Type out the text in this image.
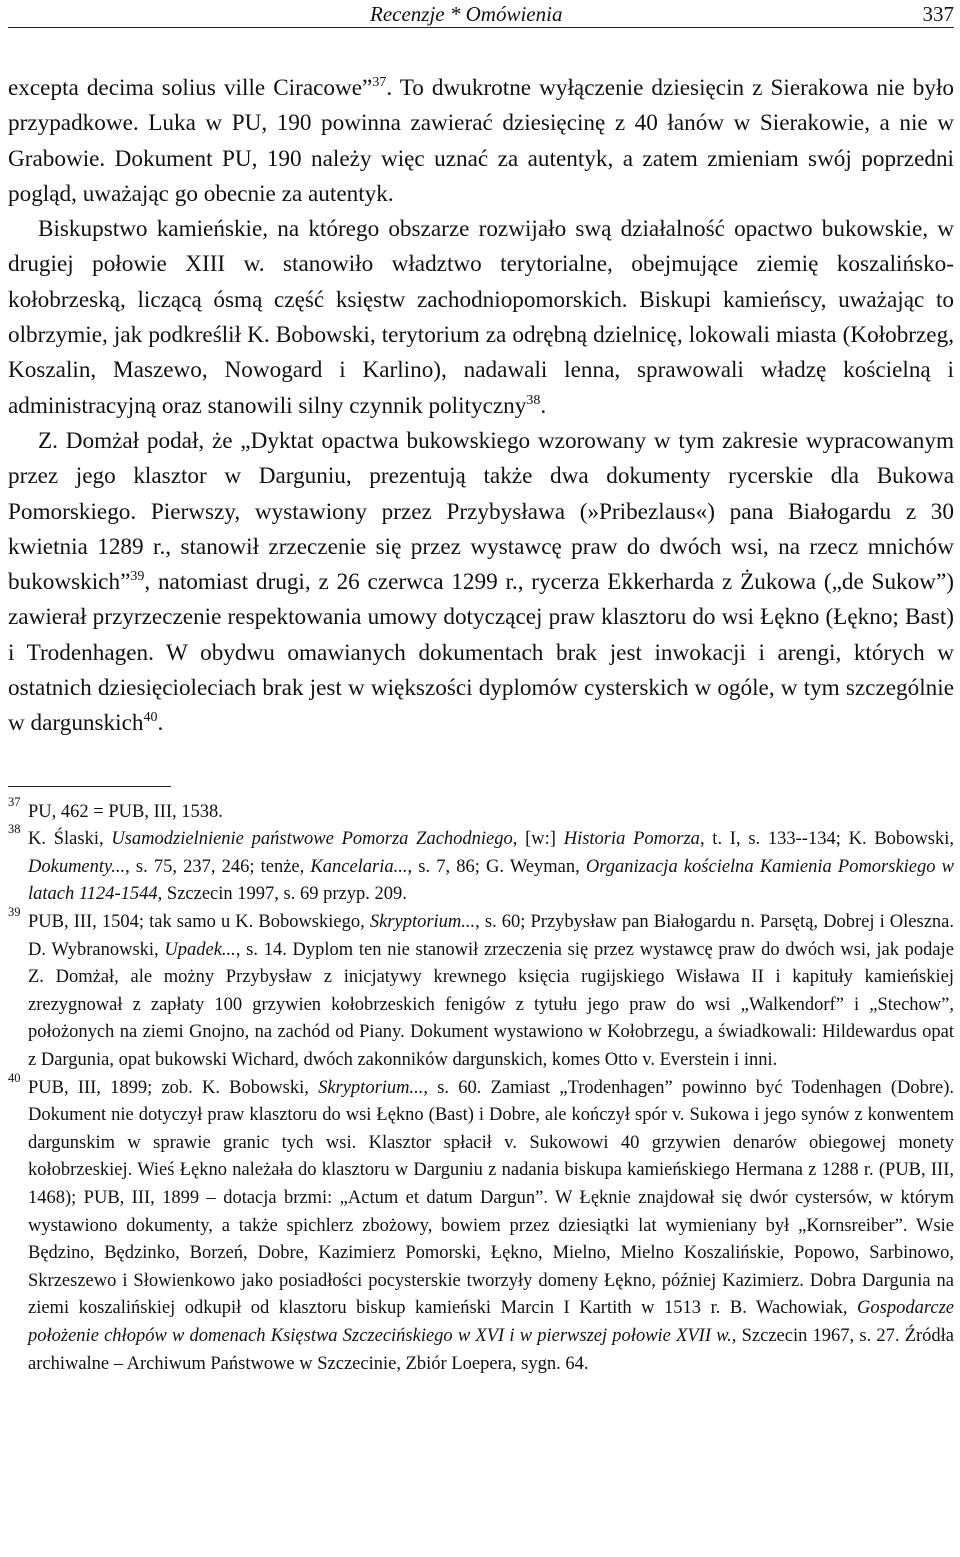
Recenzje * Omówienia	337

excepta decima solius ville Ciracowe”$^{37}$. To dwukrotne wyłączenie dziesięcin z Sierakowa nie było przypadkowe. Luka w PU, 190 powinna zawierać dziesięcinę z 40 łanów w Sierakowie, a nie w Grabowie. Dokument PU, 190 należy więc uznać za autentyk, a zatem zmieniam swój poprzedni pogląd, uważając go obecnie za autentyk.

Biskupstwo kamieńskie, na którego obszarze rozwijało swą działalność opactwo bukowskie, w drugiej połowie XIII w. stanowiło władztwo terytorialne, obejmujące ziemię koszalińsko-kołobrzeską, liczącą ósmą część księstw zachodniopomorskich. Biskupi kamieńscy, uważając to olbrzymie, jak podkreślił K. Bobowski, terytorium za odrębną dzielnicę, lokowali miasta (Kołobrzeg, Koszalin, Maszewo, Nowogard i Karlino), nadawali lenna, sprawowali władzę kościelną i administracyjną oraz stanowili silny czynnik polityczny$^{38}$.

Z. Domżał podał, że „Dyktat opactwa bukowskiego wzorowany w tym zakresie wypracowanym przez jego klasztor w Darguniu, prezentują także dwa dokumenty rycerskie dla Bukowa Pomorskiego. Pierwszy, wystawiony przez Przybysława (»Pribezlaus«) pana Białogardu z 30 kwietnia 1289 r., stanowił zrzeczenie się przez wystawcę praw do dwóch wsi, na rzecz mnichów bukowskich”$^{39}$, natomiast drugi, z 26 czerwca 1299 r., rycerza Ekkerharda z Żukowa („de Sukow”) zawierał przyrzeczenie respektowania umowy dotyczącej praw klasztoru do wsi Łękno (Łękno; Bast) i Trodenhagen. W obydwu omawianych dokumentach brak jest inwokacji i arengi, których w ostatnich dziesięcioleciach brak jest w większości dyplomów cysterskich w ogóle, w tym szczególnie w dargunskich$^{40}$.

37 PU, 462 = PUB, III, 1538.
38 K. Ślaski, Usamodzielnienie państwowe Pomorza Zachodniego, [w:] Historia Pomorza, t. I, s. 133--134; K. Bobowski, Dokumenty..., s. 75, 237, 246; tenże, Kancelaria..., s. 7, 86; G. Weyman, Organizacja kościelna Kamienia Pomorskiego w latach 1124-1544, Szczecin 1997, s. 69 przyp. 209.
39 PUB, III, 1504; tak samo u K. Bobowskiego, Skryptorium..., s. 60; Przybysław pan Białogardu n. Parsętą, Dobrej i Oleszna. D. Wybranowski, Upadek..., s. 14. Dyplom ten nie stanowił zrzeczenia się przez wystawcę praw do dwóch wsi, jak podaje Z. Domżał, ale możny Przybysław z inicjatywy krewnego księcia rugijskiego Wisława II i kapituły kamieńskiej zrezygnował z zapłaty 100 grzywien kołobrzeskich fenigów z tytułu jego praw do wsi „Walkendorf” i „Stechow”, położonych na ziemi Gnojno, na zachód od Piany. Dokument wystawiono w Kołobrzegu, a świadkowali: Hildewardus opat z Dargunia, opat bukowski Wichard, dwóch zakonników dargunskich, komes Otto v. Everstein i inni.
40 PUB, III, 1899; zob. K. Bobowski, Skryptorium..., s. 60. Zamiast „Trodenhagen” powinno być Todenhagen (Dobre). Dokument nie dotyczył praw klasztoru do wsi Łękno (Bast) i Dobre, ale kończył spór v. Sukowa i jego synów z konwentem dargunskim w sprawie granic tych wsi. Klasztor spłacił v. Sukowowi 40 grzywien denarów obiegowej monety kołobrzeskiej. Wieś Łękno należała do klasztoru w Darguniu z nadania biskupa kamieńskiego Hermana z 1288 r. (PUB, III, 1468); PUB, III, 1899 – dotacja brzmi: „Actum et datum Dargun”. W Łęknie znajdował się dwór cystersów, w którym wystawiono dokumenty, a także spichlerz zbożowy, bowiem przez dziesiątki lat wymieniany był „Kornsreiber”. Wsie Będzino, Będzinko, Borzeń, Dobre, Kazimierz Pomorski, Łękno, Mielno, Mielno Koszalińskie, Popowo, Sarbinowo, Skrzeszewo i Słowienkowo jako posiadłości pocysterskie tworzyły domeny Łękno, później Kazimierz. Dobra Dargunia na ziemi koszalińskiej odkupił od klasztoru biskup kamieński Marcin I Kartith w 1513 r. B. Wachowiak, Gospodarcze położenie chłopów w domenach Księstwa Szczecińskiego w XVI i w pierwszej połowie XVII w., Szczecin 1967, s. 27. Źródła archiwalne – Archiwum Państwowe w Szczecinie, Zbiór Loepera, sygn. 64.
